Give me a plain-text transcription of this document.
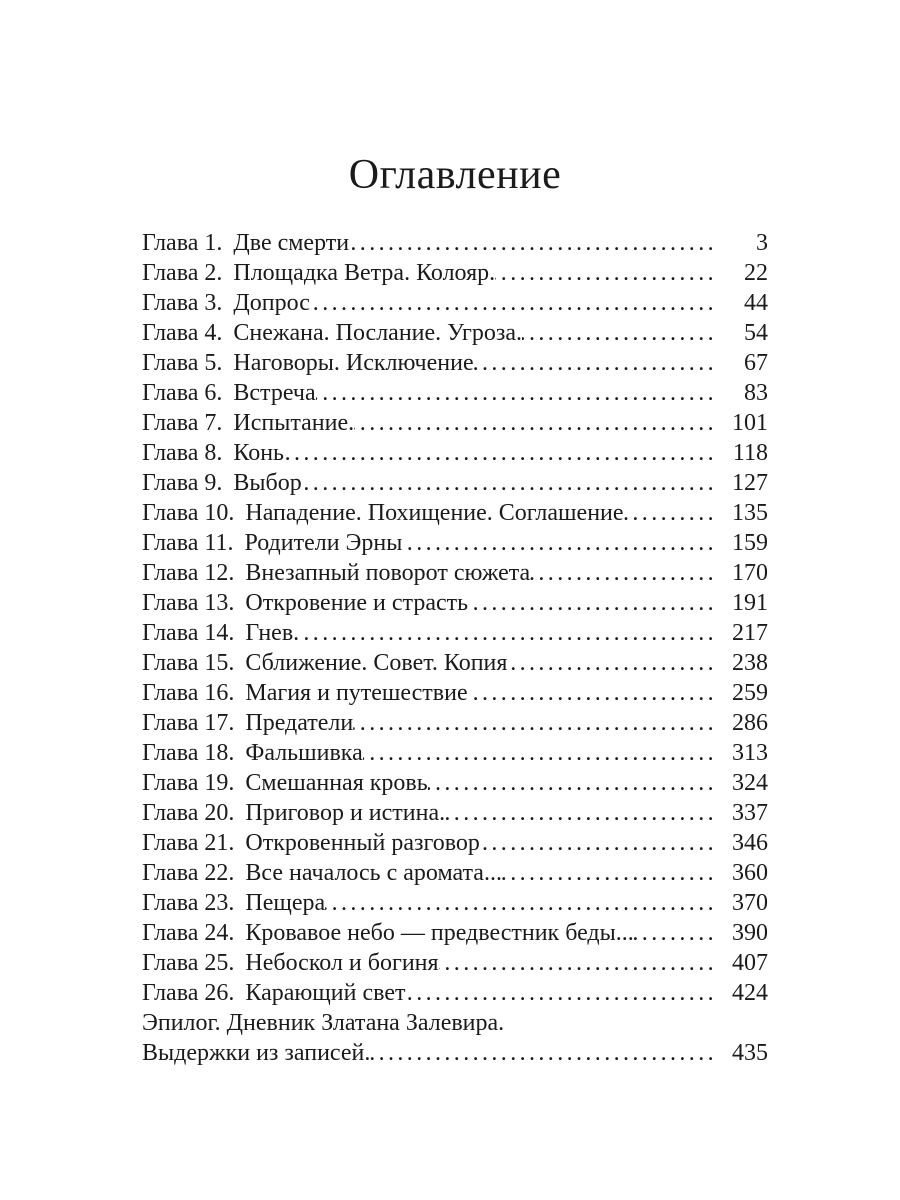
Оглавление
Глава 1. Две смерти .....	3
Глава 2. Площадка Ветра. Колояр. .....	22
Глава 3. Допрос .....	44
Глава 4. Снежана. Послание. Угроза. .....	54
Глава 5. Наговоры. Исключение .....	67
Глава 6. Встреча .....	83
Глава 7. Испытание. .....	101
Глава 8. Конь .....	118
Глава 9. Выбор .....	127
Глава 10. Нападение. Похищение. Соглашение .....	135
Глава 11. Родители Эрны .....	159
Глава 12. Внезапный поворот сюжета .....	170
Глава 13. Откровение и страсть .....	191
Глава 14. Гнев. .....	217
Глава 15. Сближение. Совет. Копия .....	238
Глава 16. Магия и путешествие .....	259
Глава 17. Предатели .....	286
Глава 18. Фальшивка .....	313
Глава 19. Смешанная кровь .....	324
Глава 20. Приговор и истина. .....	337
Глава 21. Откровенный разговор .....	346
Глава 22. Все началось с аромата... .....	360
Глава 23. Пещера .....	370
Глава 24. Кровавое небо — предвестник беды... .....	390
Глава 25. Небоскол и богиня .....	407
Глава 26. Карающий свет .....	424
Эпилог. Дневник Златана Залевира.
Выдержки из записей. .....	435
